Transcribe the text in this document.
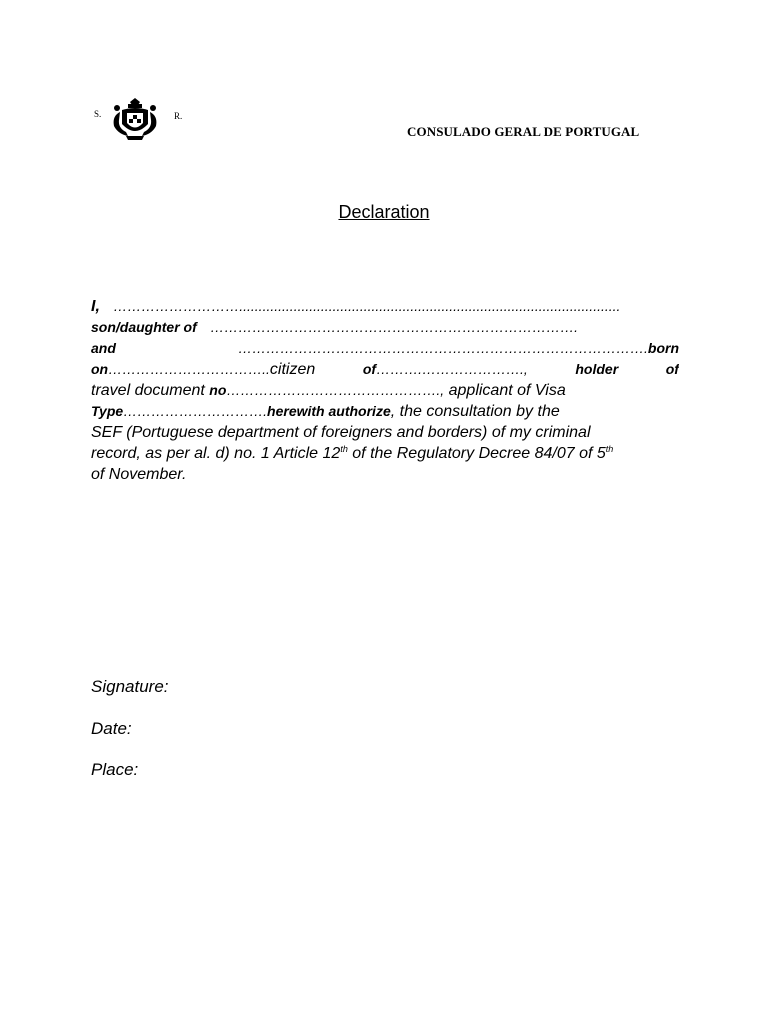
S.	R.
CONSULADO GERAL DE PORTUGAL
Declaration
I, ………………………..................................................................................................
son/daughter of …………………………………………………………………….
and	…………………………………………………………………………….born
on……………………………..citizen	of……….………………….,	holder	of
travel document no………………………………………., applicant of Visa
Type………………………….herewith authorize, the consultation by the
SEF (Portuguese department of foreigners and borders) of my criminal
record, as per al. d) no. 1 Article 12th of the Regulatory Decree 84/07 of 5th
of November.
Signature:
Date:
Place:
